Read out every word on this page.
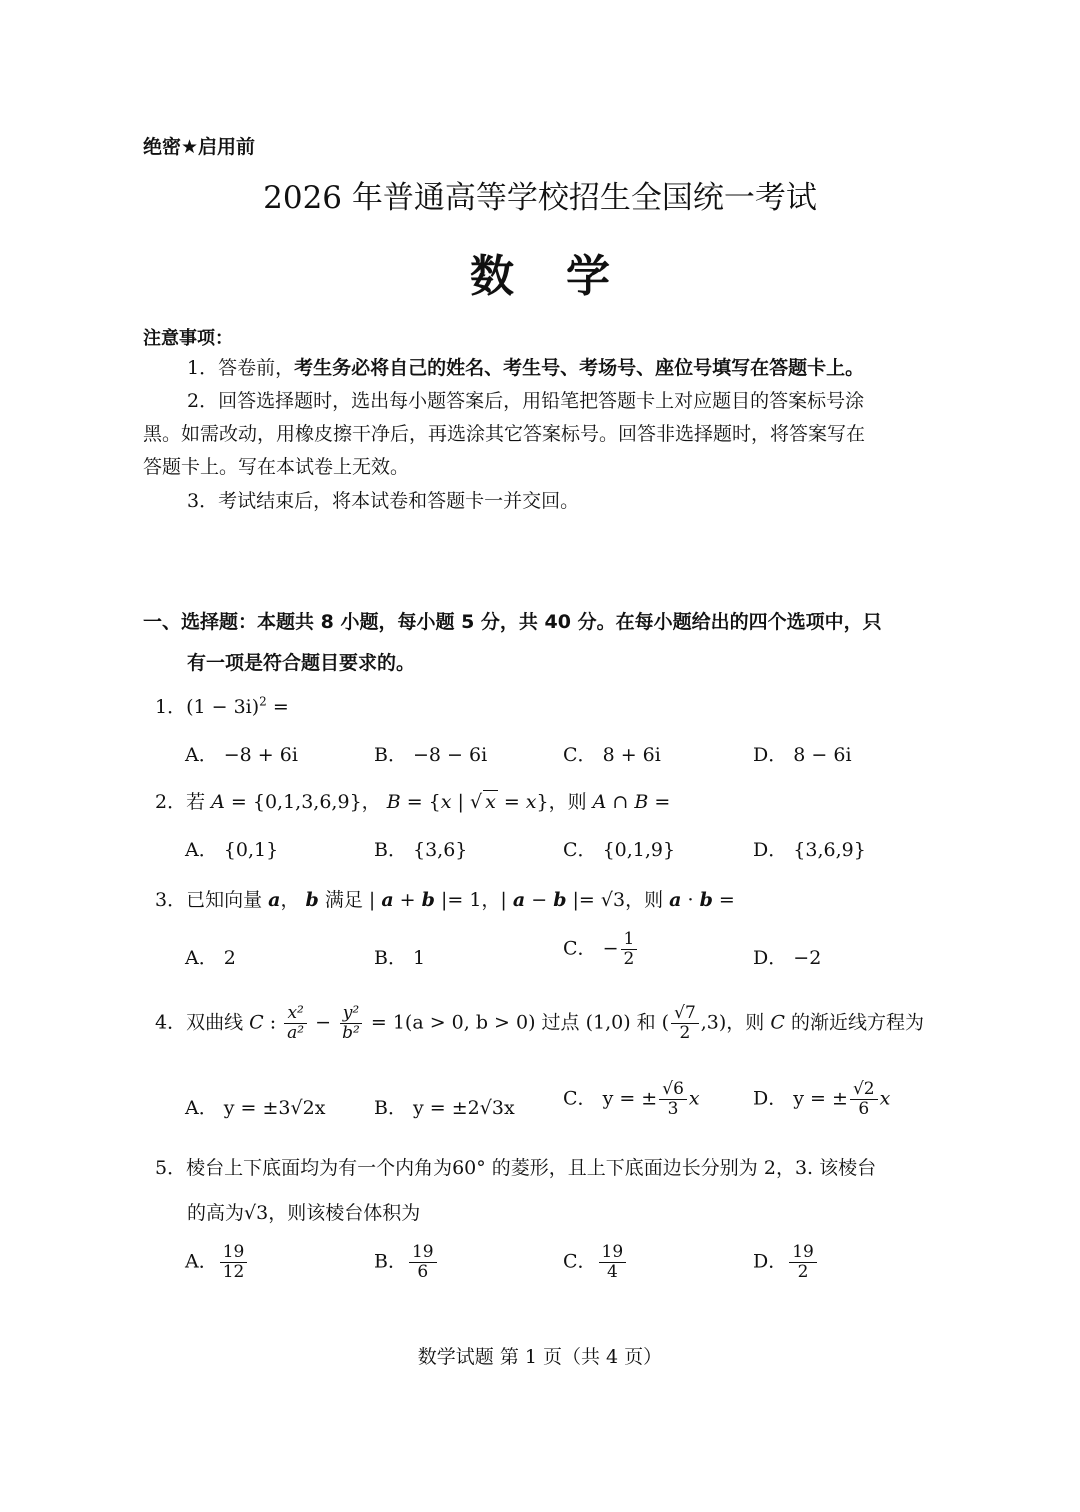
绝密★启用前
2026 年普通高等学校招生全国统一考试
数学
注意事项：
1．答卷前，考生务必将自己的姓名、考生号、考场号、座位号填写在答题卡上。
2．回答选择题时，选出每小题答案后，用铅笔把答题卡上对应题目的答案标号涂
黑。如需改动，用橡皮擦干净后，再选涂其它答案标号。回答非选择题时，将答案写在
答题卡上。写在本试卷上无效。
3．考试结束后，将本试卷和答题卡一并交回。
一、选择题：本题共 8 小题，每小题 5 分，共 40 分。在每小题给出的四个选项中，只
有一项是符合题目要求的。
1．$(1 - 3i)^2$ =
A． −8 + 6i	B． −8 − 6i	C． 8 + 6i	D． 8 − 6i
2．若 A = {0,1,3,6,9}， B = {x | √ x = x}，则 A ∩ B =
A． {0,1}	B． {3,6}	C． {0,1,9}	D． {3,6,9}
3．已知向量 a， b 满足 | a + b |= 1，| a − b |= √3，则 a · b =
A． 2	B． 1	C． − $\frac{1}{2}$	D． −2
4．双曲线 C : $\frac{\text{x²}}{\text{a²}} - \frac{\text{y²}}{\text{b²}} = 1(a > 0$, b > 0) 过点 (1,0) 和 ( $\frac{√7}{2} ,3$)，则 C 的渐近线方程为
A． y = ±3√2x	B． y = ±2√3x	C． y = ± $\frac{√6}{3}$ x	D． y = ± $\frac{√2}{6}$ x
5．棱台上下底面均为有一个内角为60° 的菱形，且上下底面边长分别为 2，3. 该棱台
的高为√3，则该棱台体积为
A． $\frac{19}{12}$	B． $\frac{19}{6}$	C． $\frac{19}{4}$	D． $\frac{19}{2}$
数学试题 第 1 页（共 4 页）
